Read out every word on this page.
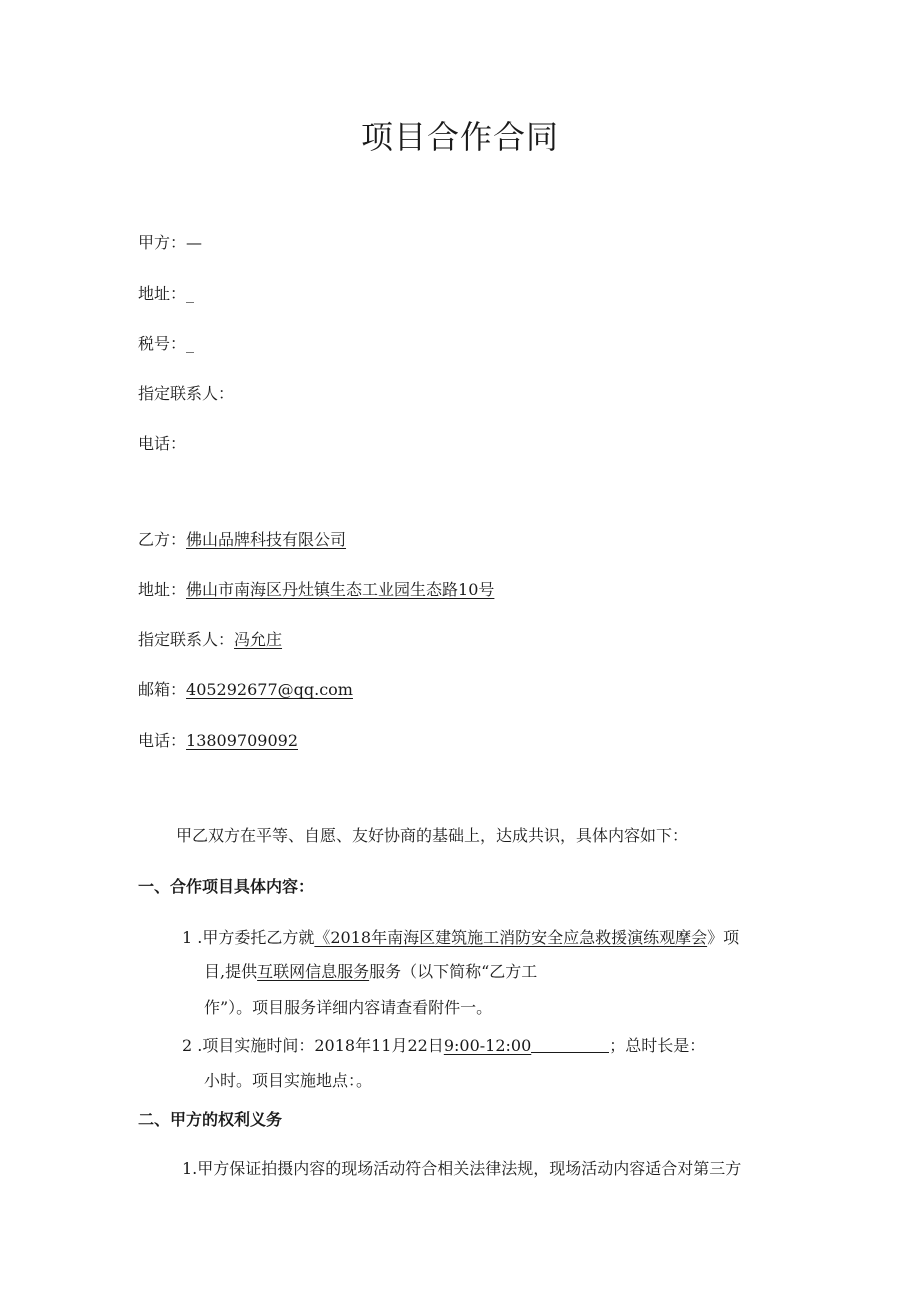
项目合作合同
甲方：—
地址：_
税号：_
指定联系人：
电话：
乙方：佛山品牌科技有限公司
地址：佛山市南海区丹灶镇生态工业园生态路10号
指定联系人：冯允庄
邮箱：405292677@qq.com
电话：13809709092
甲乙双方在平等、自愿、友好协商的基础上，达成共识，具体内容如下：
一、合作项目具体内容：
1 .甲方委托乙方就《2018年南海区建筑施工消防安全应急救援演练观摩会》项
目,提供互联网信息服务服务（以下简称“乙方工
作”）。项目服务详细内容请查看附件一。
2 .项目实施时间：2018年11月22日9:00-12:00	；总时长是：
小时。项目实施地点：。
二、甲方的权利义务
1.甲方保证拍摄内容的现场活动符合相关法律法规，现场活动内容适合对第三方
